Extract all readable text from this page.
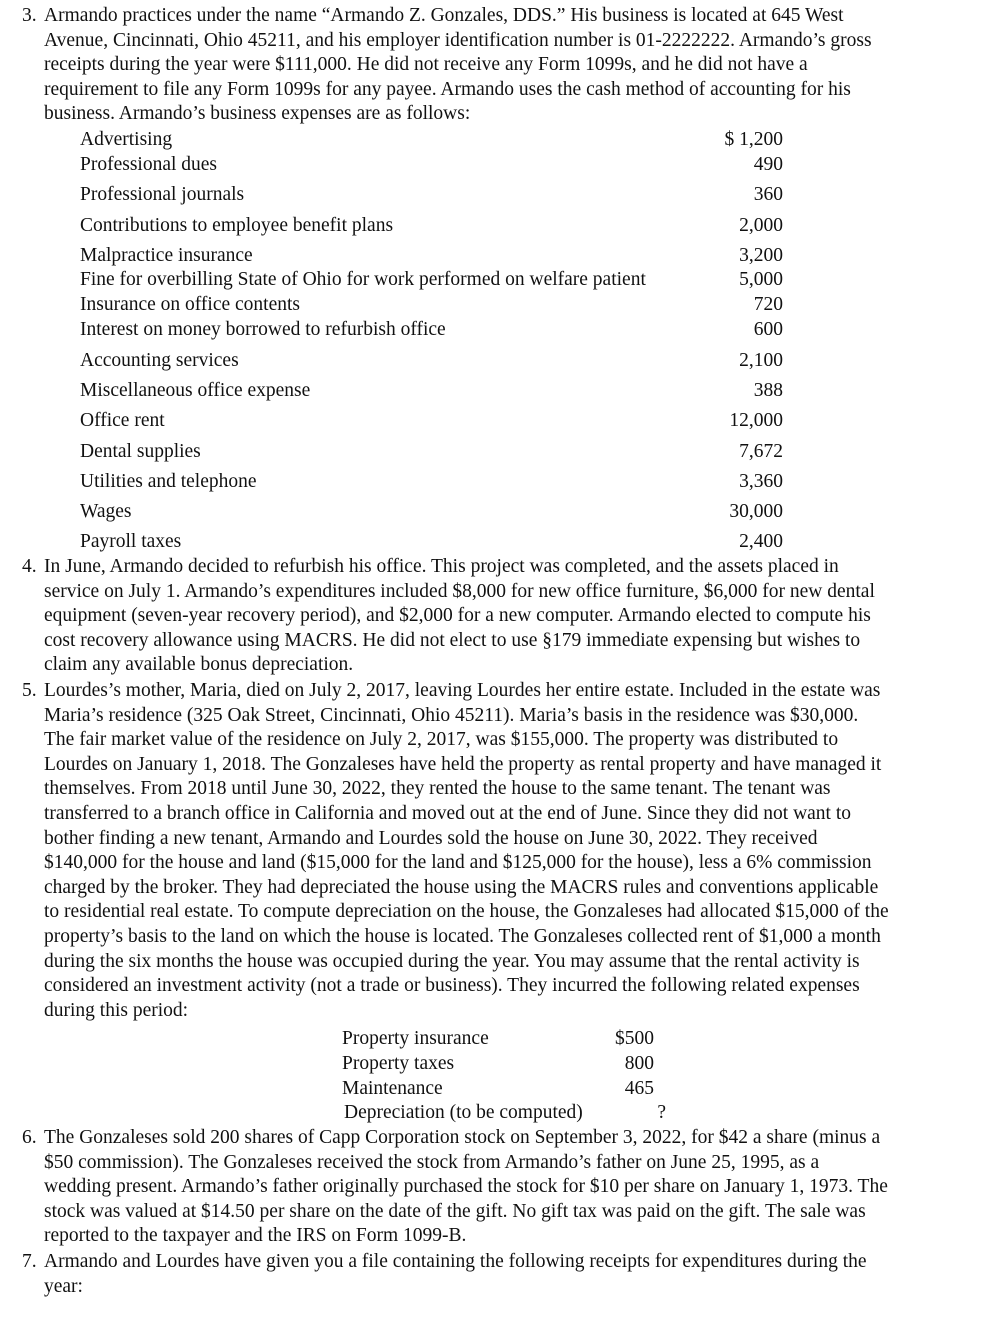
3. Armando practices under the name “Armando Z. Gonzales, DDS.” His business is located at 645 West
Avenue, Cincinnati, Ohio 45211, and his employer identification number is 01-2222222. Armando’s gross
receipts during the year were $111,000. He did not receive any Form 1099s, and he did not have a
requirement to file any Form 1099s for any payee. Armando uses the cash method of accounting for his
business. Armando’s business expenses are as follows:
4. In June, Armando decided to refurbish his office. This project was completed, and the assets placed in
service on July 1. Armando’s expenditures included $8,000 for new office furniture, $6,000 for new dental
equipment (seven-year recovery period), and $2,000 for a new computer. Armando elected to compute his
cost recovery allowance using MACRS. He did not elect to use §179 immediate expensing but wishes to
claim any available bonus depreciation.
5. Lourdes’s mother, Maria, died on July 2, 2017, leaving Lourdes her entire estate. Included in the estate was
Maria’s residence (325 Oak Street, Cincinnati, Ohio 45211). Maria’s basis in the residence was $30,000.
The fair market value of the residence on July 2, 2017, was $155,000. The property was distributed to
Lourdes on January 1, 2018. The Gonzaleses have held the property as rental property and have managed it
themselves. From 2018 until June 30, 2022, they rented the house to the same tenant. The tenant was
transferred to a branch office in California and moved out at the end of June. Since they did not want to
bother finding a new tenant, Armando and Lourdes sold the house on June 30, 2022. They received
$140,000 for the house and land ($15,000 for the land and $125,000 for the house), less a 6% commission
charged by the broker. They had depreciated the house using the MACRS rules and conventions applicable
to residential real estate. To compute depreciation on the house, the Gonzaleses had allocated $15,000 of the
property’s basis to the land on which the house is located. The Gonzaleses collected rent of $1,000 a month
during the six months the house was occupied during the year. You may assume that the rental activity is
considered an investment activity (not a trade or business). They incurred the following related expenses
during this period:
6. The Gonzaleses sold 200 shares of Capp Corporation stock on September 3, 2022, for $42 a share (minus a
$50 commission). The Gonzaleses received the stock from Armando’s father on June 25, 1995, as a
wedding present. Armando’s father originally purchased the stock for $10 per share on January 1, 1973. The
stock was valued at $14.50 per share on the date of the gift. No gift tax was paid on the gift. The sale was
reported to the taxpayer and the IRS on Form 1099-B.
7. Armando and Lourdes have given you a file containing the following receipts for expenditures during the
year:
Advertising	$ 1,200
Professional dues	490
Professional journals	360
Contributions to employee benefit plans	2,000
Malpractice insurance	3,200
Fine for overbilling State of Ohio for work performed on welfare patient	5,000
Insurance on office contents	720
Interest on money borrowed to refurbish office	600
Accounting services	2,100
Miscellaneous office expense	388
Office rent	12,000
Dental supplies	7,672
Utilities and telephone	3,360
Wages	30,000
Payroll taxes	2,400
Property insurance	$500
Property taxes	800
Maintenance	465
Depreciation (to be computed)	?
